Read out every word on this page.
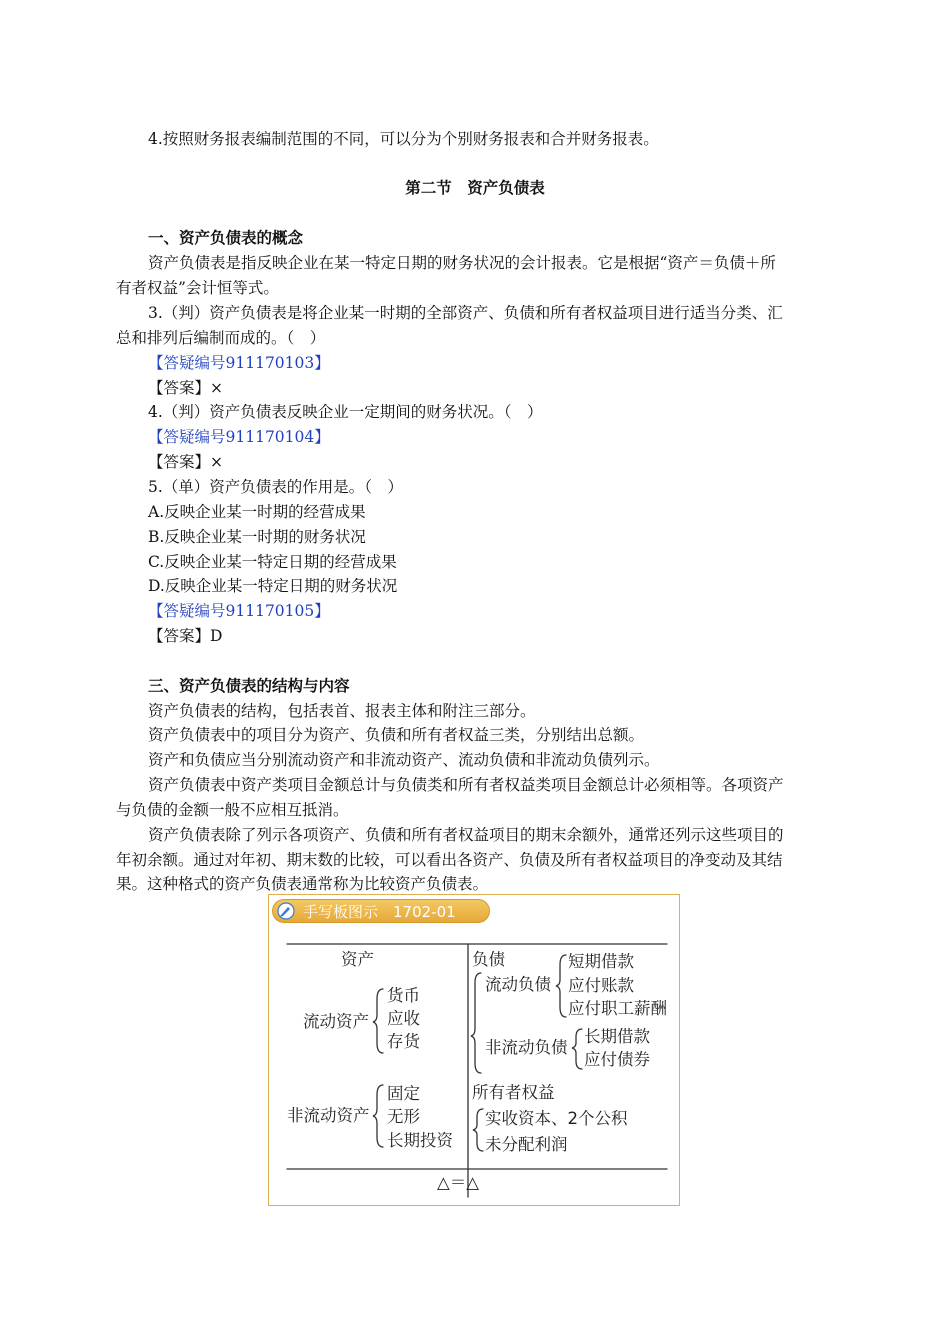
4.按照财务报表编制范围的不同，可以分为个别财务报表和合并财务报表。
第二节　资产负债表
一、资产负债表的概念
资产负债表是指反映企业在某一特定日期的财务状况的会计报表。它是根据“资产＝负债＋所
有者权益”会计恒等式。
3.（判）资产负债表是将企业某一时期的全部资产、负债和所有者权益项目进行适当分类、汇
总和排列后编制而成的。（　）
【答疑编号911170103】
【答案】×
4.（判）资产负债表反映企业一定期间的财务状况。（　）
【答疑编号911170104】
【答案】×
5.（单）资产负债表的作用是。（　）
A.反映企业某一时期的经营成果
B.反映企业某一时期的财务状况
C.反映企业某一特定日期的经营成果
D.反映企业某一特定日期的财务状况
【答疑编号911170105】
【答案】D
三、资产负债表的结构与内容
资产负债表的结构，包括表首、报表主体和附注三部分。
资产负债表中的项目分为资产、负债和所有者权益三类，分别结出总额。
资产和负债应当分别流动资产和非流动资产、流动负债和非流动负债列示。
资产负债表中资产类项目金额总计与负债类和所有者权益类项目金额总计必须相等。各项资产
与负债的金额一般不应相互抵消。
资产负债表除了列示各项资产、负债和所有者权益项目的期末余额外，通常还列示这些项目的
年初余额。通过对年初、期末数的比较，可以看出各资产、负债及所有者权益项目的净变动及其结
果。这种格式的资产负债表通常称为比较资产负债表。
手写板图示　1702-01
资产
流动资产
货币
应收
存货
非流动资产
固定
无形
长期投资
负债
流动负债
短期借款
应付账款
应付职工薪酬
非流动负债
长期借款
应付债券
所有者权益
实收资本、2个公积
未分配利润
△＝△
